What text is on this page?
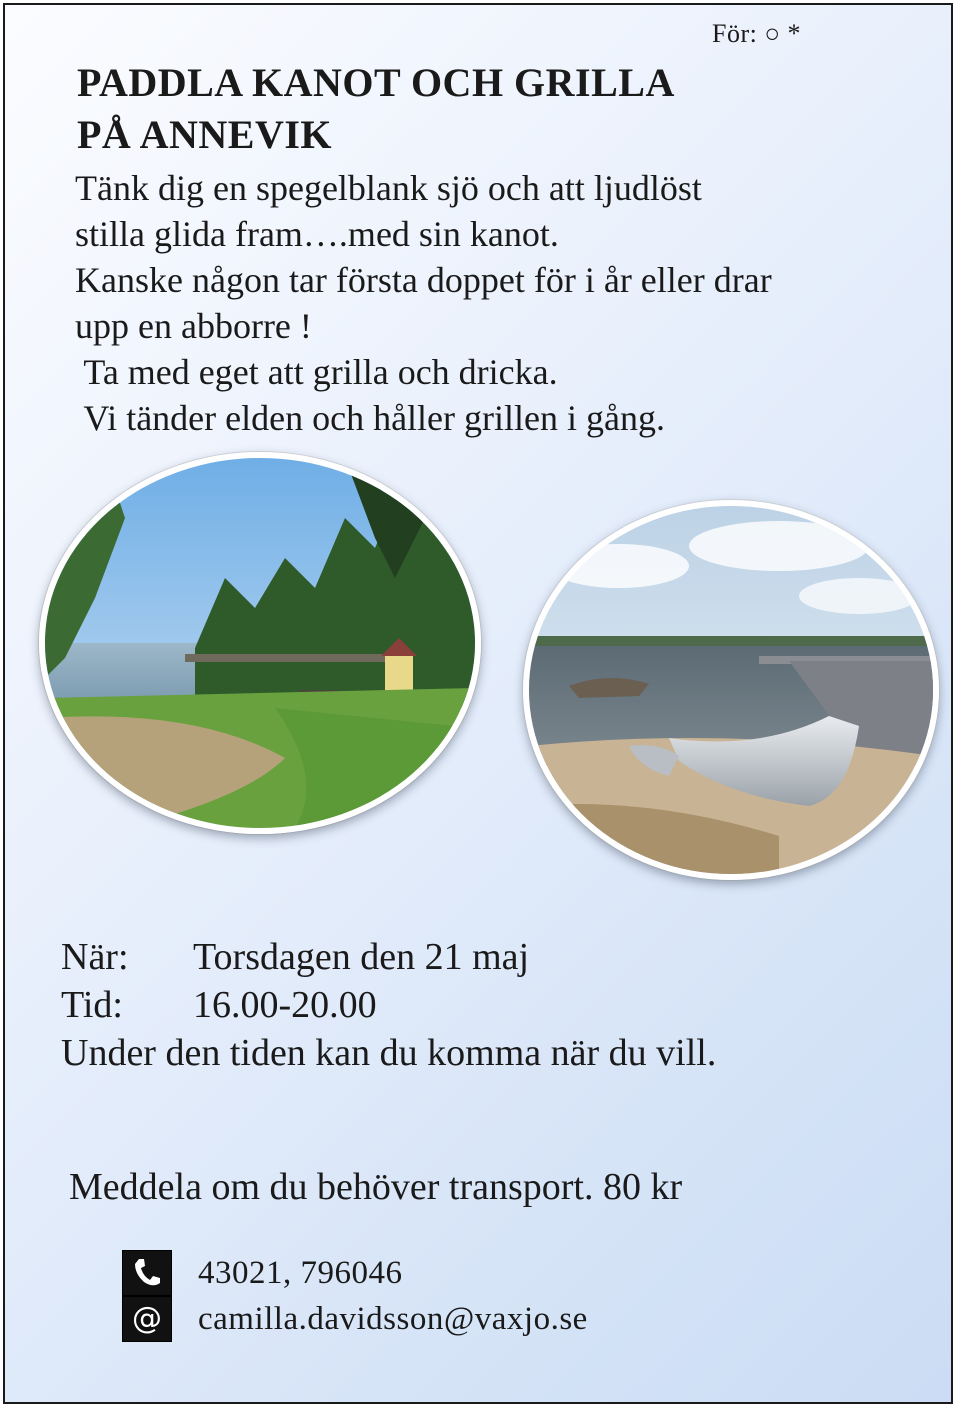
För: ○ *
PADDLA KANOT OCH GRILLA
PÅ ANNEVIK
Tänk dig en spegelblank sjö och att ljudlöst
stilla glida fram….med sin kanot.
Kanske någon tar första doppet för i år eller drar
upp en abborre !
Ta med eget att grilla och dricka.
Vi tänder elden och håller grillen i gång.
När: Torsdagen den 21 maj
Tid: 16.00-20.00
Under den tiden kan du komma när du vill.
Meddela om du behöver transport. 80 kr
43021, 796046
@ camilla.davidsson@vaxjo.se
